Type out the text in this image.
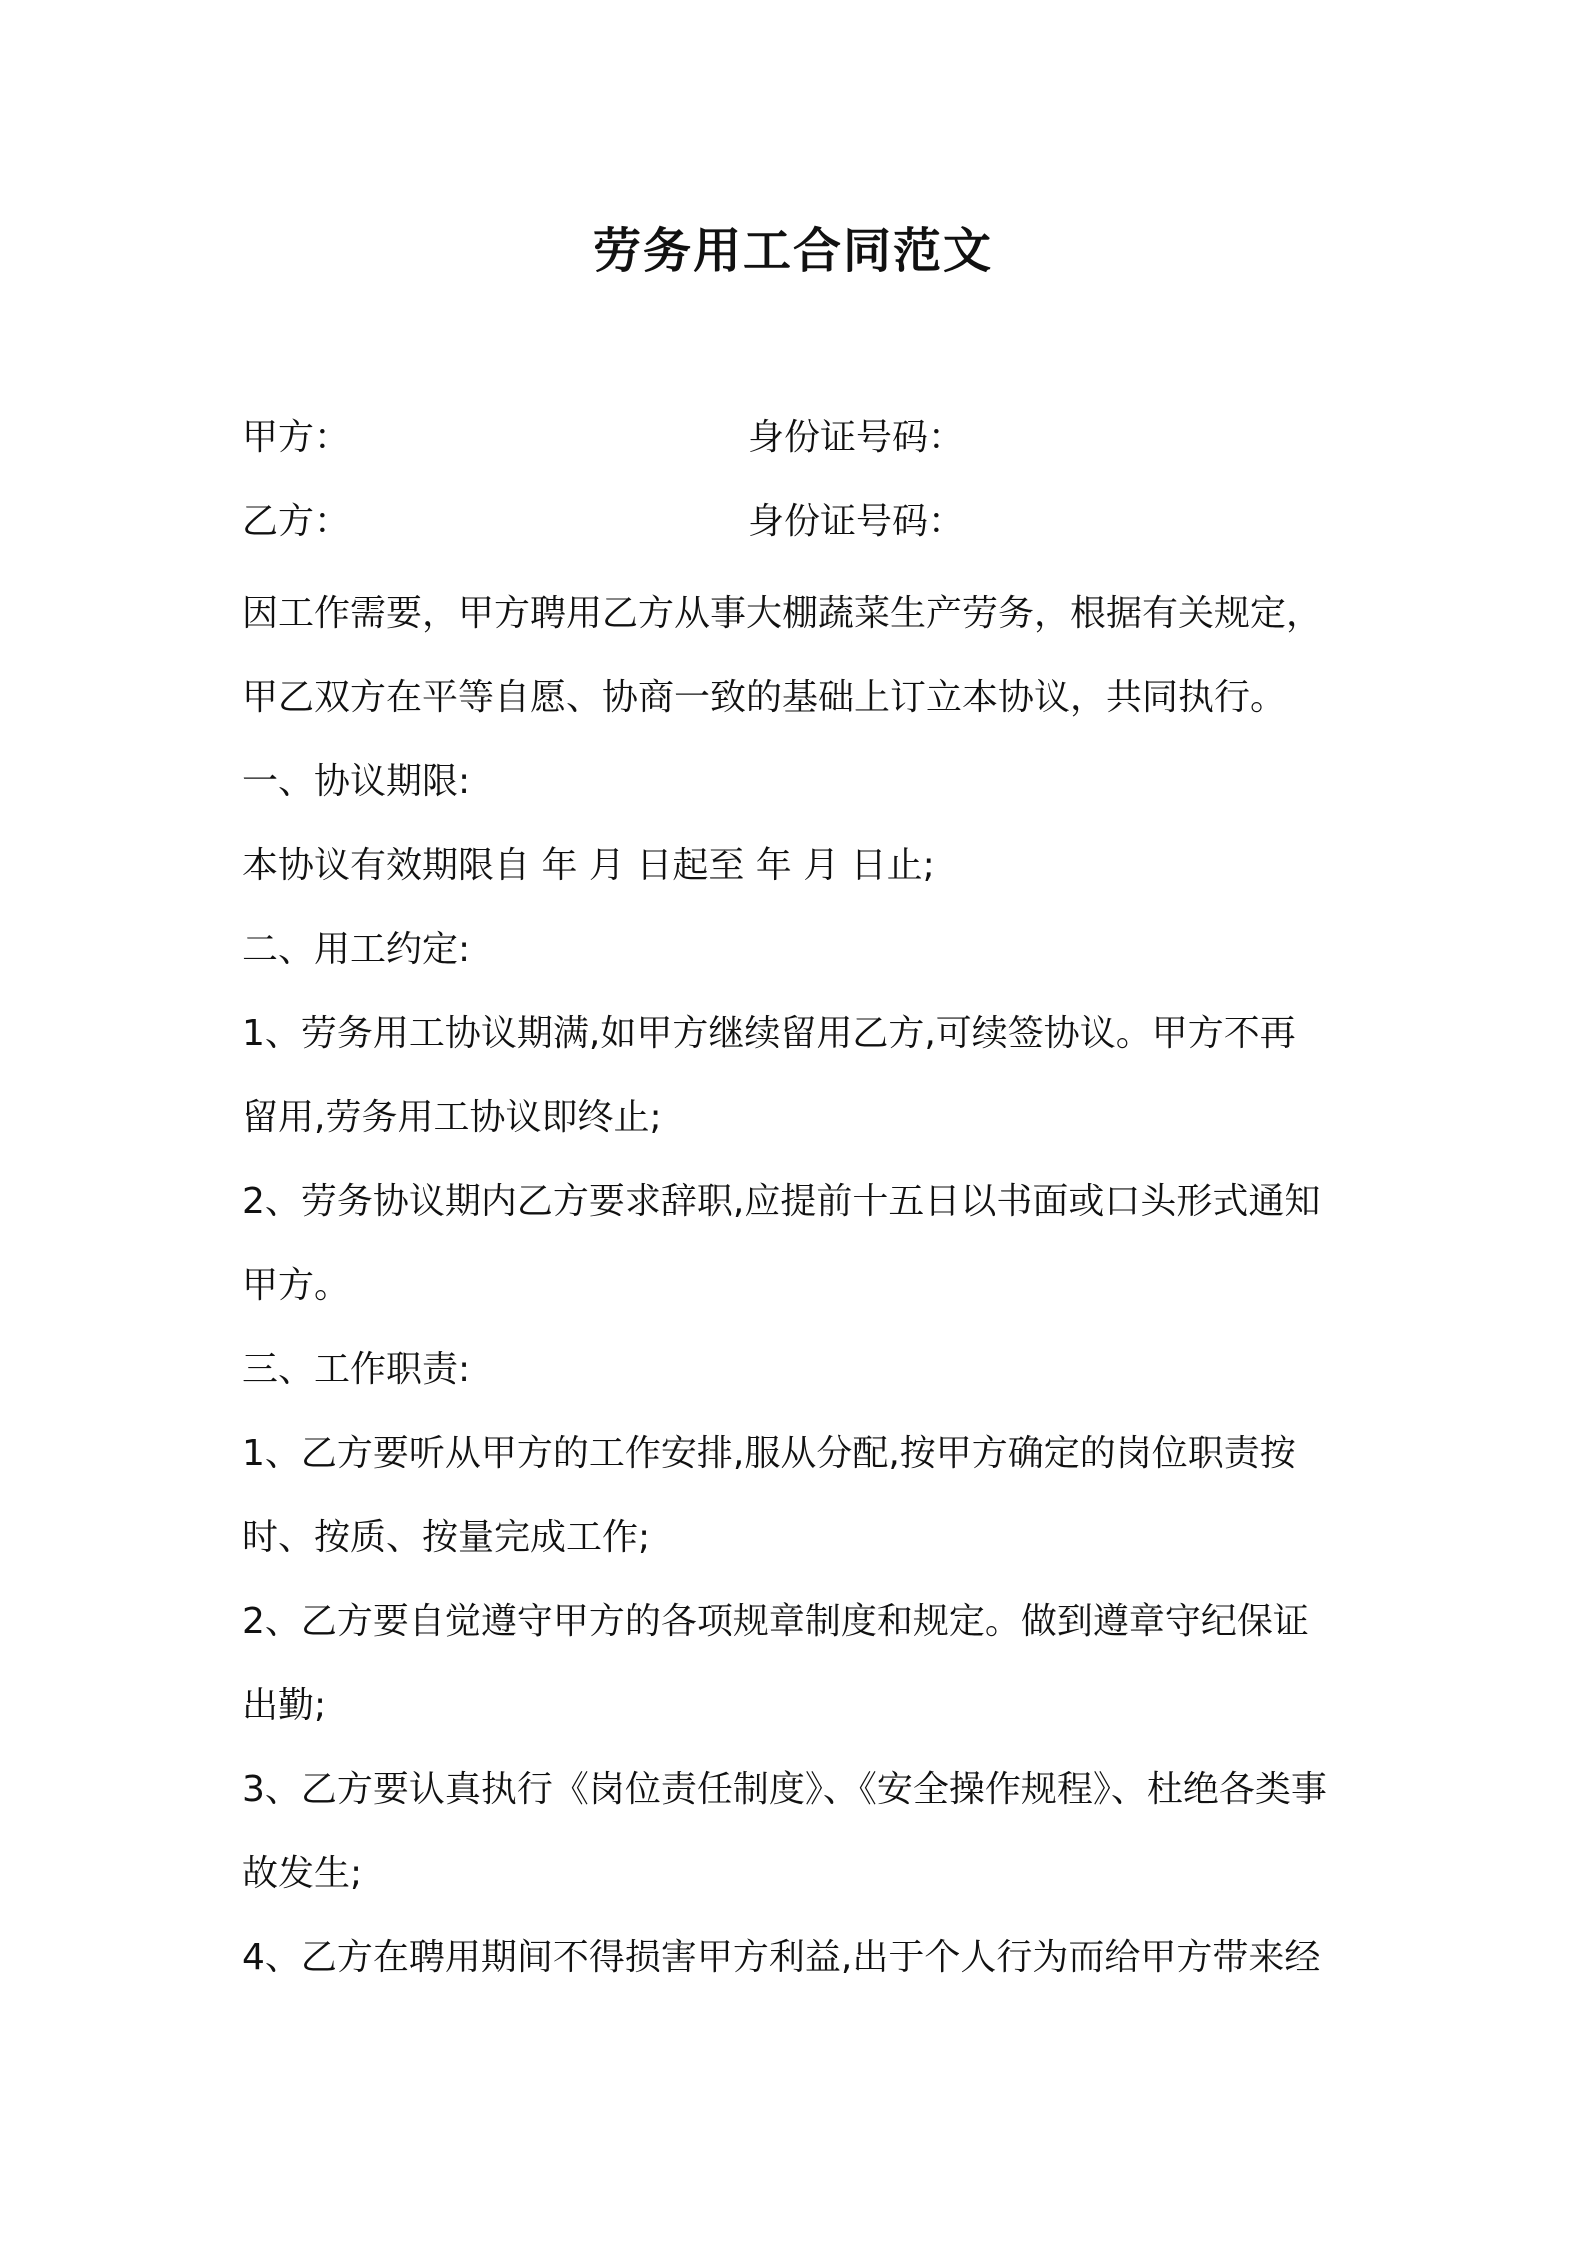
劳务用工合同范文
甲方：	身份证号码：
乙方：	身份证号码：
因工作需要，甲方聘用乙方从事大棚蔬菜生产劳务，根据有关规定，
甲乙双方在平等自愿、协商一致的基础上订立本协议，共同执行。
一、协议期限:
本协议有效期限自 年 月 日起至 年 月 日止;
二、用工约定:
1、劳务用工协议期满,如甲方继续留用乙方,可续签协议。甲方不再
留用,劳务用工协议即终止;
2、劳务协议期内乙方要求辞职,应提前十五日以书面或口头形式通知
甲方。
三、工作职责:
1、乙方要听从甲方的工作安排,服从分配,按甲方确定的岗位职责按
时、按质、按量完成工作;
2、乙方要自觉遵守甲方的各项规章制度和规定。做到遵章守纪保证
出勤;
3、乙方要认真执行《岗位责任制度》、《安全操作规程》、杜绝各类事
故发生;
4、乙方在聘用期间不得损害甲方利益,出于个人行为而给甲方带来经
